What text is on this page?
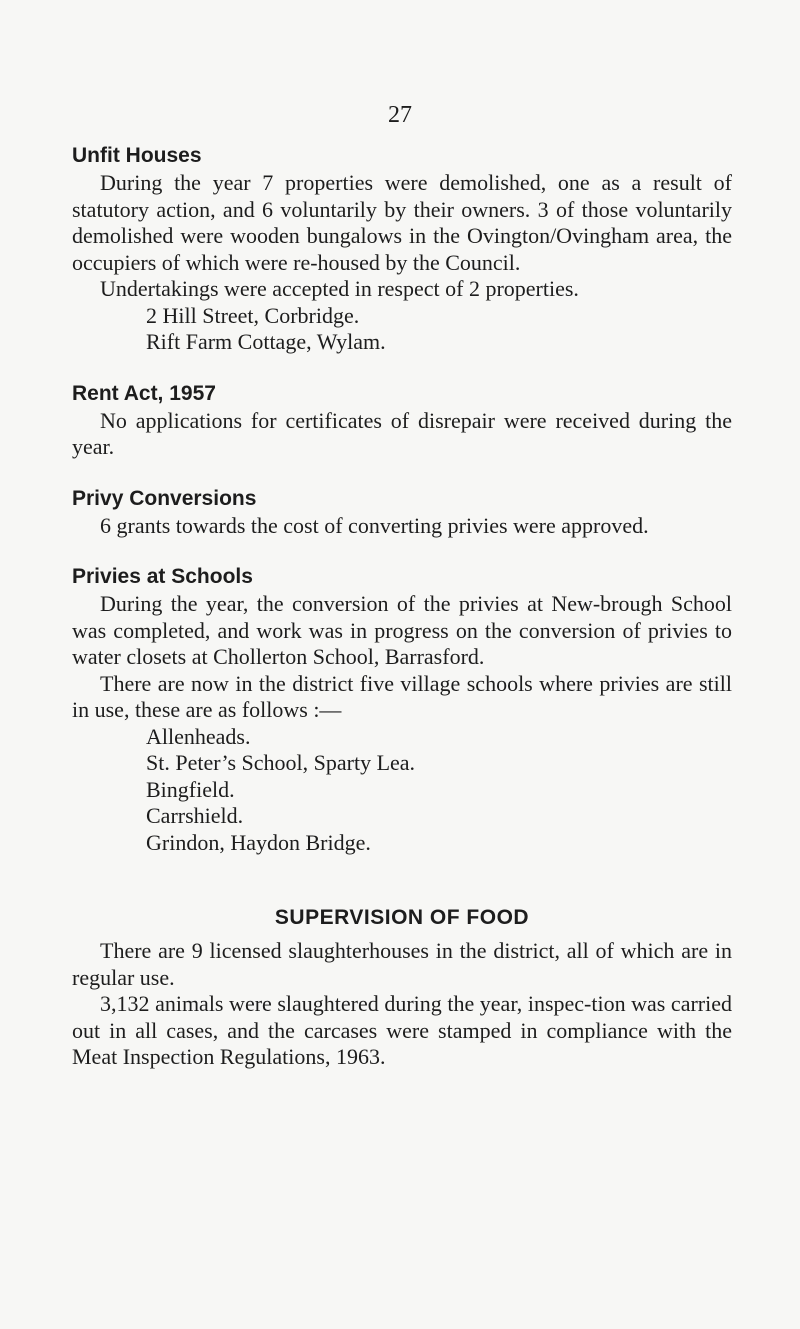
27
Unfit Houses

During the year 7 properties were demolished, one as a result of statutory action, and 6 voluntarily by their owners. 3 of those voluntarily demolished were wooden bungalows in the Ovington/Ovingham area, the occupiers of which were re-housed by the Council.

Undertakings were accepted in respect of 2 properties.

2 Hill Street, Corbridge.

Rift Farm Cottage, Wylam.

Rent Act, 1957

No applications for certificates of disrepair were received during the year.

Privy Conversions

6 grants towards the cost of converting privies were approved.

Privies at Schools

During the year, the conversion of the privies at New-brough School was completed, and work was in progress on the conversion of privies to water closets at Chollerton School, Barrasford.

There are now in the district five village schools where privies are still in use, these are as follows :—

Allenheads.

St. Peter’s School, Sparty Lea.

Bingfield.

Carrshield.

Grindon, Haydon Bridge.

SUPERVISION OF FOOD

There are 9 licensed slaughterhouses in the district, all of which are in regular use.

3,132 animals were slaughtered during the year, inspec-tion was carried out in all cases, and the carcases were stamped in compliance with the Meat Inspection Regulations, 1963.
